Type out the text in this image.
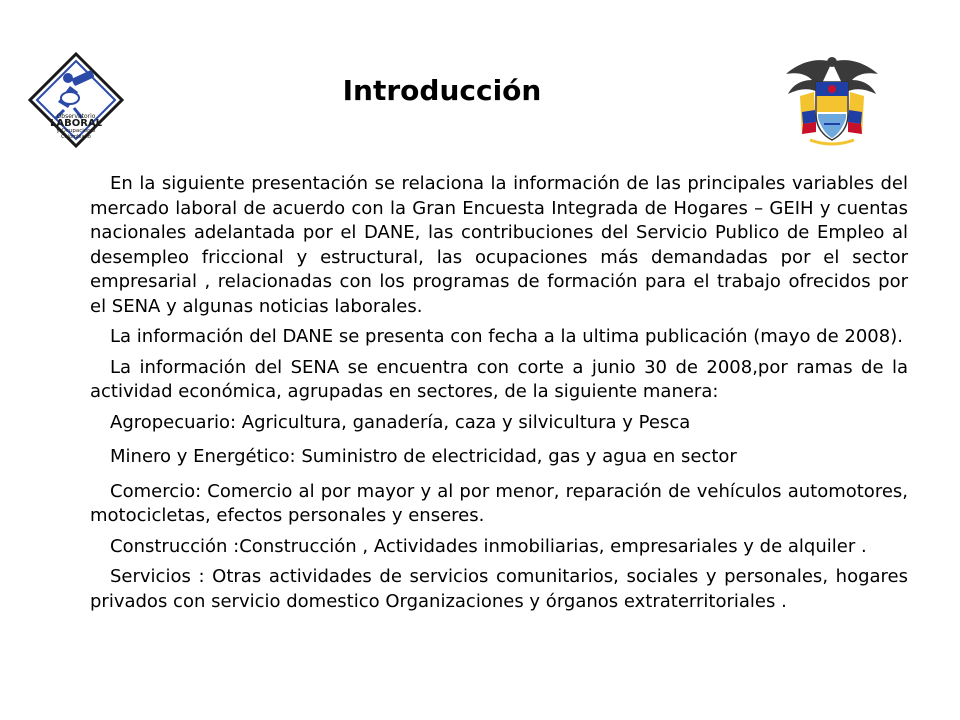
Observatorio
LABORAL
y Ocupacional
Colombiano
Introducción

En la siguiente presentación se relaciona la información de las principales variables del mercado laboral de acuerdo con la Gran Encuesta Integrada de Hogares – GEIH y cuentas nacionales adelantada por el DANE, las contribuciones del Servicio Publico de Empleo al desempleo friccional y estructural, las ocupaciones más demandadas por el sector empresarial , relacionadas con los programas de formación para el trabajo ofrecidos por el SENA y algunas noticias laborales.

La información del DANE se presenta con fecha a la ultima publicación (mayo de 2008).

La información del SENA se encuentra con corte a junio 30 de 2008,por ramas de la actividad económica, agrupadas en sectores, de la siguiente manera:

Agropecuario: Agricultura, ganadería, caza y silvicultura y Pesca

Minero y Energético: Suministro de electricidad, gas y agua en sector

Comercio: Comercio al por mayor y al por menor, reparación de vehículos automotores, motocicletas, efectos personales y enseres.

Construcción :Construcción , Actividades inmobiliarias, empresariales y de alquiler .

Servicios : Otras actividades de servicios comunitarios, sociales y personales, hogares privados con servicio domestico Organizaciones y órganos extraterritoriales .
